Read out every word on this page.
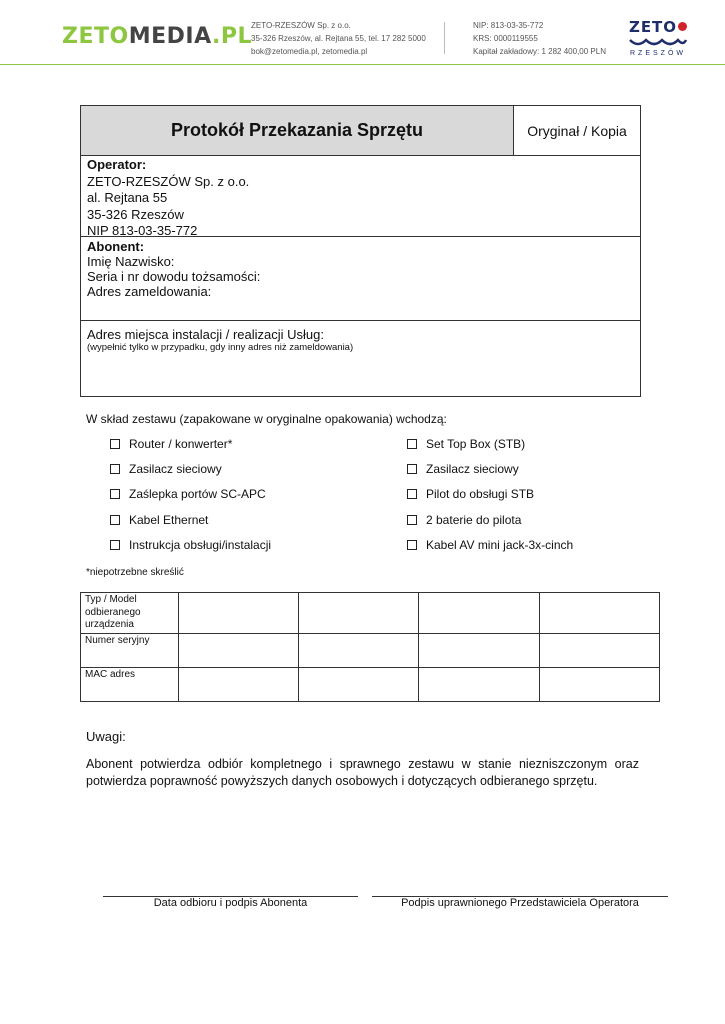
ZETOMEDIA.PL
ZETO-RZESZÓW Sp. z o.o.
35-326 Rzeszów, al. Rejtana 55, tel. 17 282 5000
bok@zetomedia.pl, zetomedia.pl
NIP: 813-03-35-772
KRS: 0000119555
Kapitał zakładowy: 1 282 400,00 PLN
ZETO
RZESZÓW
Protokół Przekazania Sprzętu	Oryginał / Kopia
Operator:
ZETO-RZESZÓW Sp. z o.o.
al. Rejtana 55
35-326 Rzeszów
NIP 813-03-35-772
Abonent:
Imię Nazwisko:
Seria i nr dowodu tożsamości:
Adres zameldowania:
Adres miejsca instalacji / realizacji Usług:
(wypełnić tylko w przypadku, gdy inny adres niż zameldowania)
W skład zestawu (zapakowane w oryginalne opakowania) wchodzą:
Router / konwerter*
Zasilacz sieciowy
Zaślepka portów SC-APC
Kabel Ethernet
Instrukcja obsługi/instalacji
Set Top Box (STB)
Zasilacz sieciowy
Pilot do obsługi STB
2 baterie do pilota
Kabel AV mini jack-3x-cinch
*niepotrzebne skreślić
Typ / Model odbieranego urządzenia				
Numer seryjny				
MAC adres				
Uwagi:
Abonent potwierdza odbiór kompletnego i sprawnego zestawu w stanie niezniszczonym oraz potwierdza poprawność powyższych danych osobowych i dotyczących odbieranego sprzętu.
Data odbioru i podpis Abonenta	Podpis uprawnionego Przedstawiciela Operatora
